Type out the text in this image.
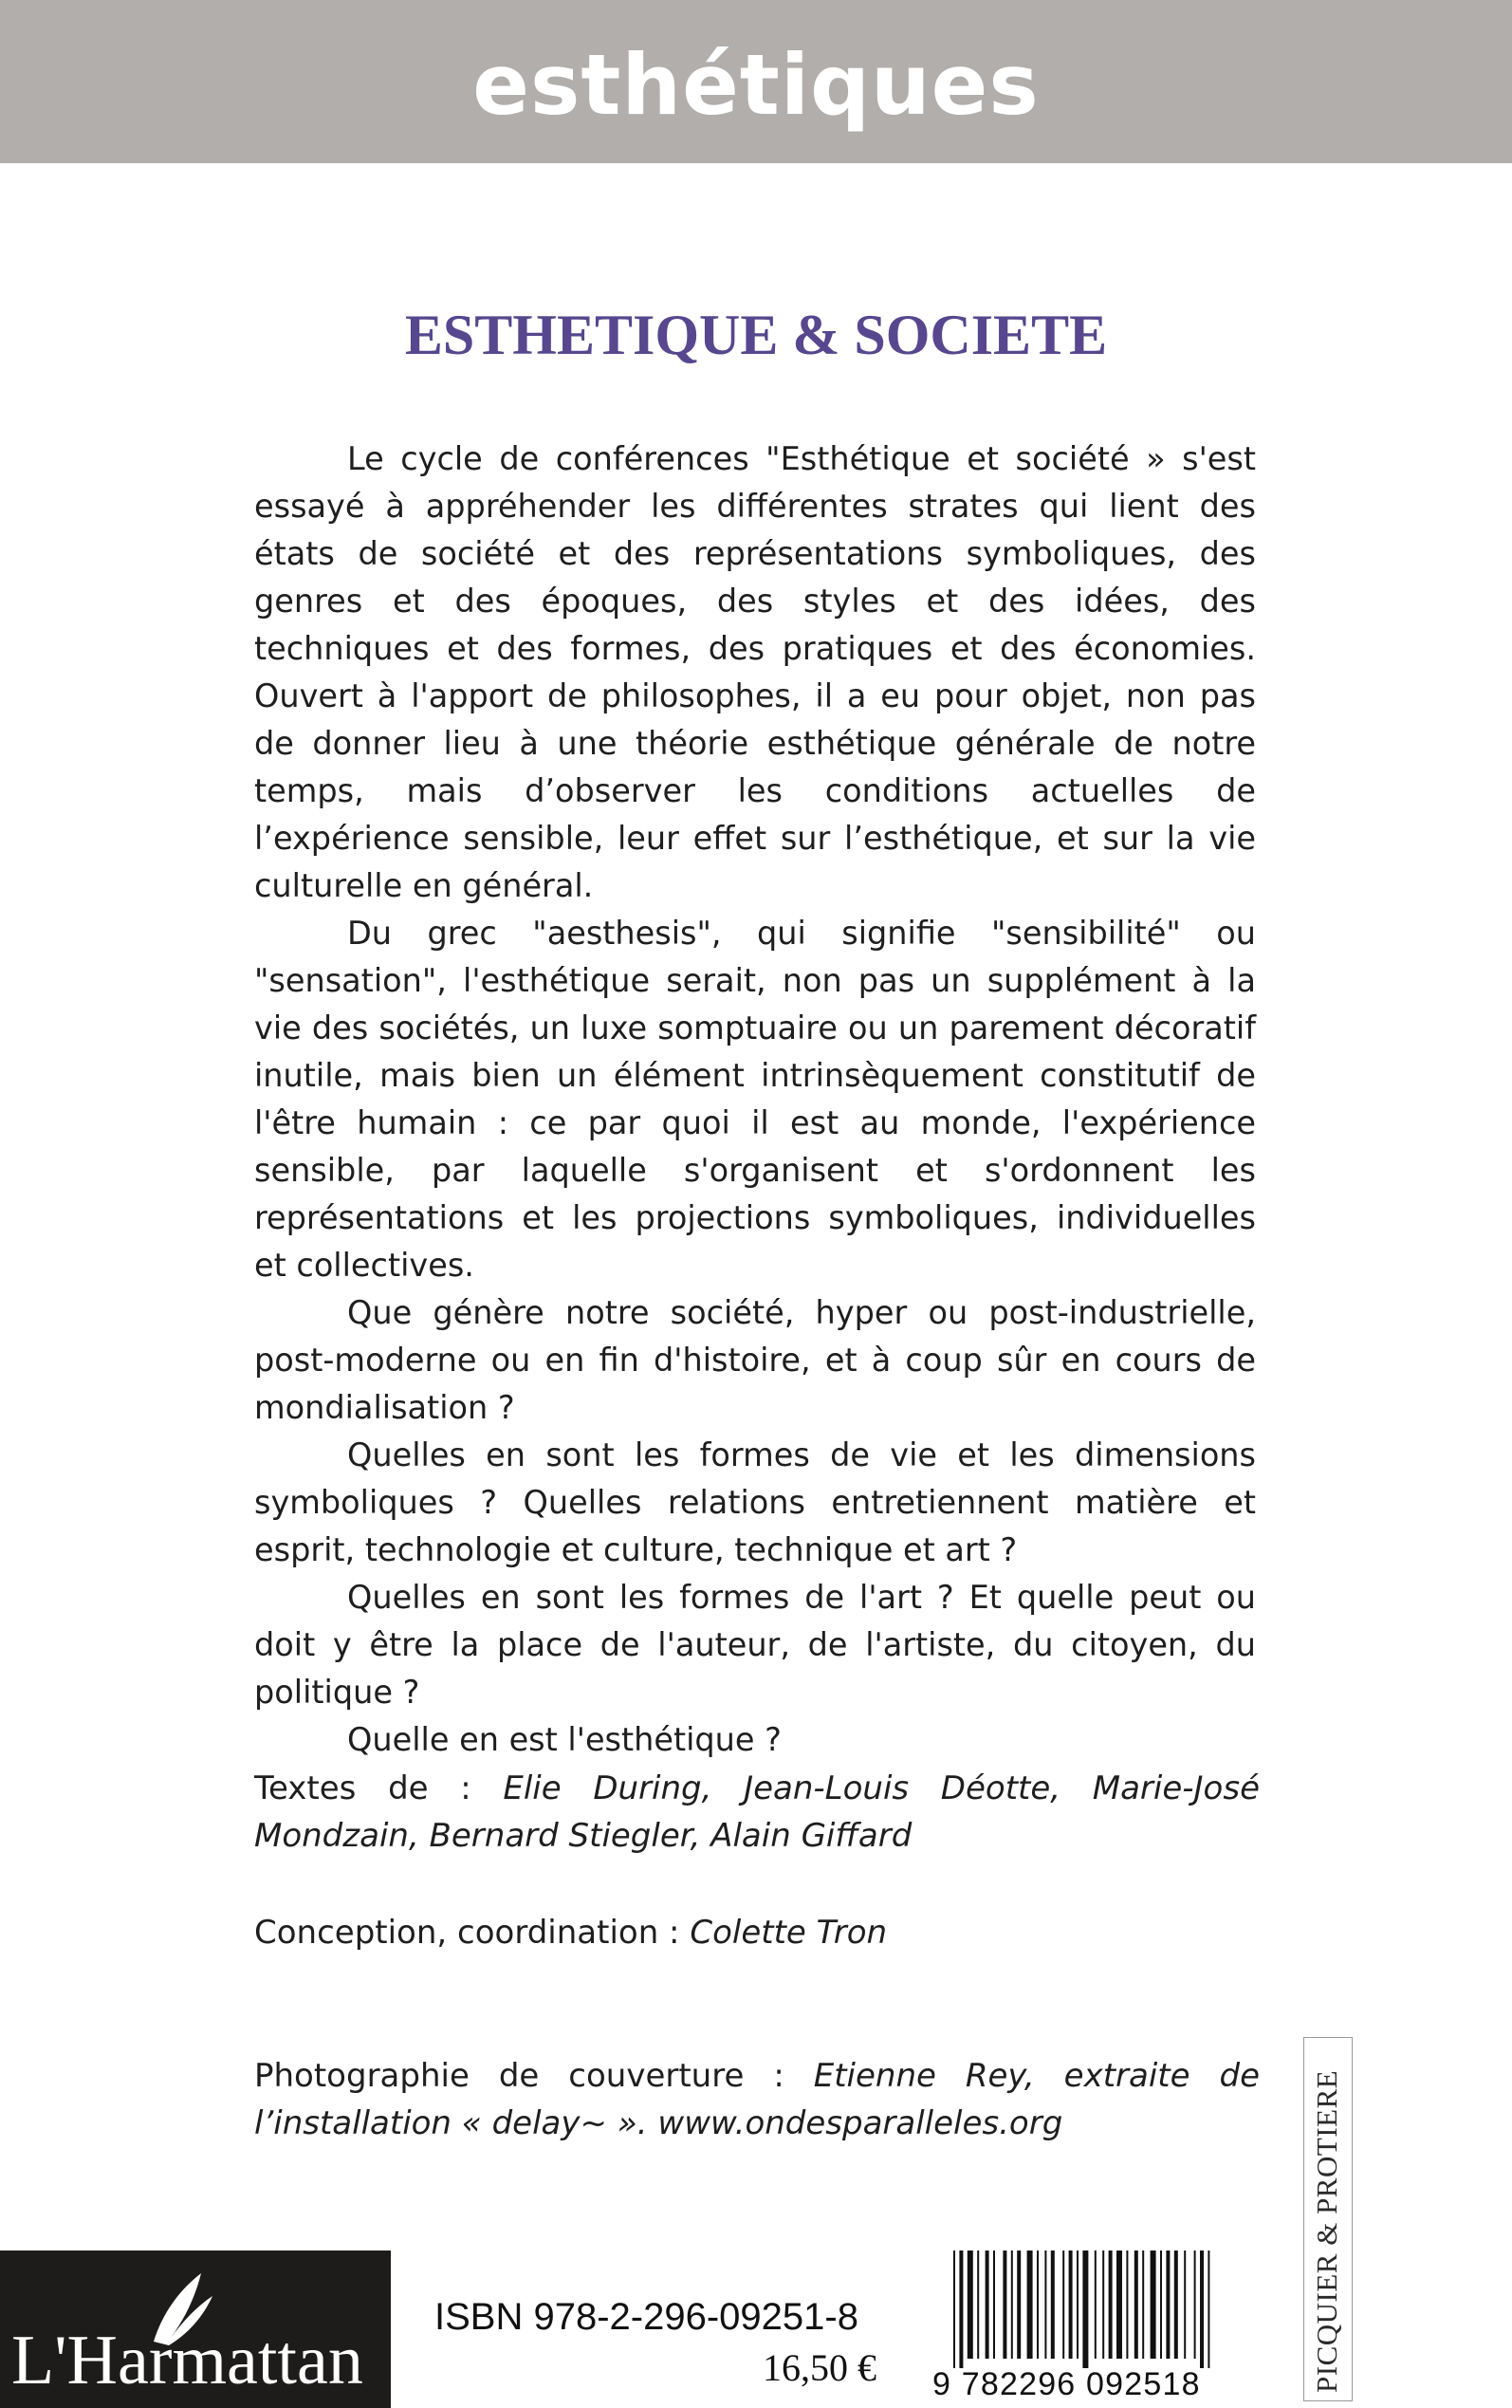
esthétiques
ESTHETIQUE & SOCIETE

Le cycle de conférences "Esthétique et société » s'est essayé à appréhender les différentes strates qui lient des états de société et des représentations symboliques, des genres et des époques, des styles et des idées, des techniques et des formes, des pratiques et des économies. Ouvert à l'apport de philosophes, il a eu pour objet, non pas de donner lieu à une théorie esthétique générale de notre temps, mais d’observer les conditions actuelles de l’expérience sensible, leur effet sur l’esthétique, et sur la vie culturelle en général.

Du grec "aesthesis", qui signifie "sensibilité" ou "sensation", l'esthétique serait, non pas un supplément à la vie des sociétés, un luxe somptuaire ou un parement décoratif inutile, mais bien un élément intrinsèquement constitutif de l'être humain : ce par quoi il est au monde, l'expérience sensible, par laquelle s'organisent et s'ordonnent les représentations et les projections symboliques, individuelles et collectives.

Que génère notre société, hyper ou post-industrielle, post-moderne ou en fin d'histoire, et à coup sûr en cours de mondialisation ?

Quelles en sont les formes de vie et les dimensions symboliques ? Quelles relations entretiennent matière et esprit, technologie et culture, technique et art ?

Quelles en sont les formes de l'art ? Et quelle peut ou doit y être la place de l'auteur, de l'artiste, du citoyen, du politique ?

Quelle en est l'esthétique ?

Textes de : Elie During, Jean-Louis Déotte, Marie-José Mondzain, Bernard Stiegler, Alain Giffard
Conception, coordination : Colette Tron
Photographie de couverture : Etienne Rey, extraite de l’installation « delay~ ». www.ondesparalleles.org
L'Harmattan
ISBN 978-2-296-09251-8
16,50 € 9 782296 092518	PICQUIER & PROTIERE
